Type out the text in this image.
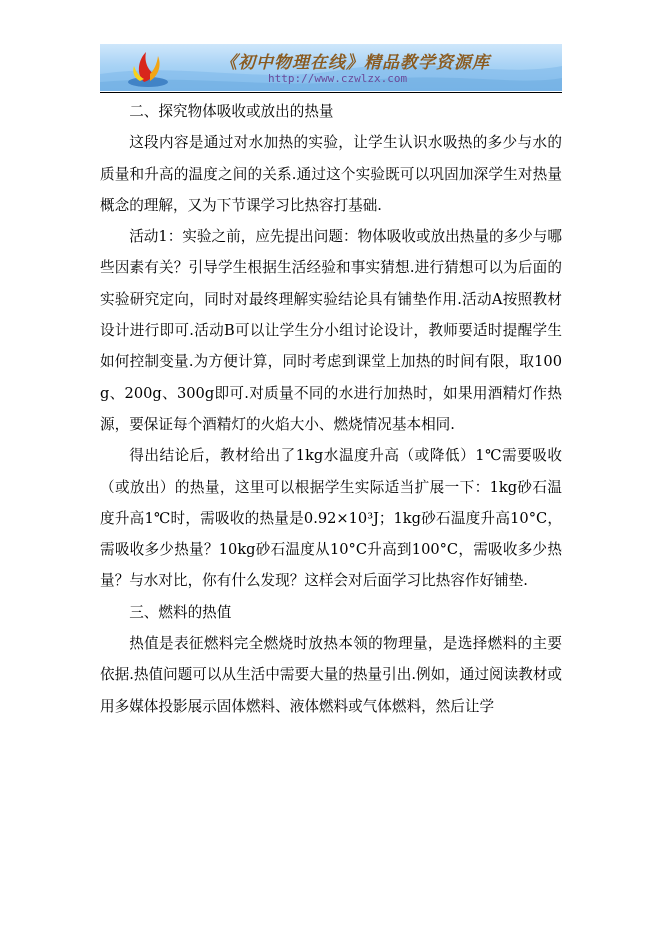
《初中物理在线》精品教学资源库
http://www.czwlzx.com

二、探究物体吸收或放出的热量

这段内容是通过对水加热的实验，让学生认识水吸热的多少与水的质量和升高的温度之间的关系.通过这个实验既可以巩固加深学生对热量概念的理解，又为下节课学习比热容打基础.

活动1：实验之前，应先提出问题：物体吸收或放出热量的多少与哪些因素有关？引导学生根据生活经验和事实猜想.进行猜想可以为后面的实验研究定向，同时对最终理解实验结论具有铺垫作用.活动A按照教材设计进行即可.活动B可以让学生分小组讨论设计，教师要适时提醒学生如何控制变量.为方便计算，同时考虑到课堂上加热的时间有限，取100g、200g、300g即可.对质量不同的水进行加热时，如果用酒精灯作热源，要保证每个酒精灯的火焰大小、燃烧情况基本相同.

得出结论后，教材给出了1kg水温度升高（或降低）1℃需要吸收（或放出）的热量，这里可以根据学生实际适当扩展一下：1kg砂石温度升高1℃时，需吸收的热量是0.92×10³J；1kg砂石温度升高10°C，需吸收多少热量？10kg砂石温度从10°C升高到100°C，需吸收多少热量？与水对比，你有什么发现？这样会对后面学习比热容作好铺垫.

三、燃料的热值

热值是表征燃料完全燃烧时放热本领的物理量，是选择燃料的主要依据.热值问题可以从生活中需要大量的热量引出.例如，通过阅读教材或用多媒体投影展示固体燃料、液体燃料或气体燃料，然后让学
